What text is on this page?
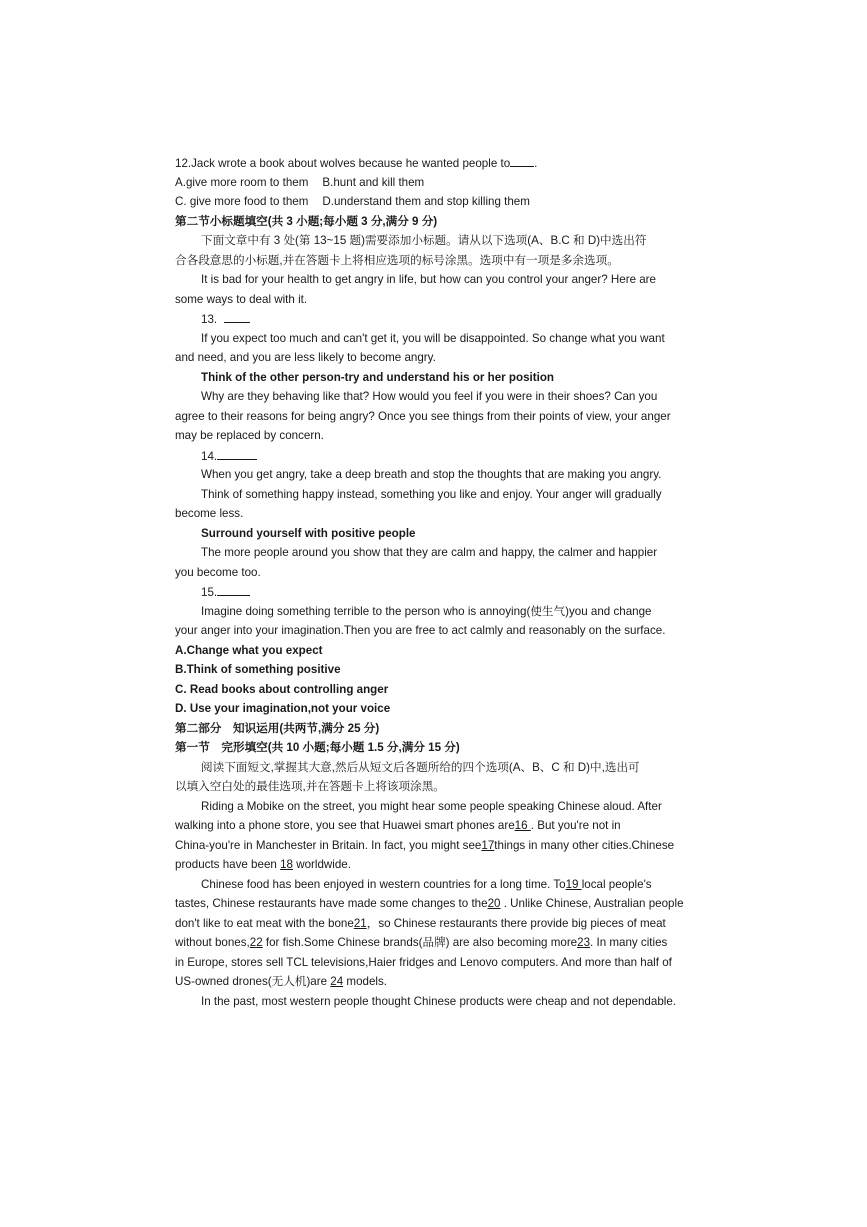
12.Jack wrote a book about wolves because he wanted people to .
A.give more room to them B.hunt and kill them
C. give more food to them D.understand them and stop killing them
第二节小标题填空(共 3 小题;每小题 3 分,满分 9 分)
下面文章中有 3 处(第 13~15 题)需要添加小标题。请从以下选项(A、B.C 和 D)中选出符
合各段意思的小标题,并在答题卡上将相应选项的标号涂黑。选项中有一项是多余选项。
It is bad for your health to get angry in life, but how can you control your anger? Here are
some ways to deal with it.
13.
If you expect too much and can't get it, you will be disappointed. So change what you want
and need, and you are less likely to become angry.
Think of the other person-try and understand his or her position
Why are they behaving like that? How would you feel if you were in their shoes? Can you
agree to their reasons for being angry? Once you see things from their points of view, your anger
may be replaced by concern.
14.
When you get angry, take a deep breath and stop the thoughts that are making you angry.
Think of something happy instead, something you like and enjoy. Your anger will gradually
become less.
Surround yourself with positive people
The more people around you show that they are calm and happy, the calmer and happier
you become too.
15.
Imagine doing something terrible to the person who is annoying(使生气)you and change
your anger into your imagination.Then you are free to act calmly and reasonably on the surface.
A.Change what you expect
B.Think of something positive
C. Read books about controlling anger
D. Use your imagination,not your voice
第二部分　知识运用(共两节,满分 25 分)
第一节　完形填空(共 10 小题;每小题 1.5 分,满分 15 分)
阅读下面短文,掌握其大意,然后从短文后各题所给的四个选项(A、B、C 和 D)中,选出可
以填入空白处的最佳选项,并在答题卡上将该项涂黑。
Riding a Mobike on the street, you might hear some people speaking Chinese aloud. After
walking into a phone store, you see that Huawei smart phones are16 . But you're not in
China-you're in Manchester in Britain. In fact, you might see17things in many other cities.Chinese
products have been 18 worldwide.
Chinese food has been enjoyed in western countries for a long time. To19 local people's
tastes, Chinese restaurants have made some changes to the20 . Unlike Chinese, Australian people
don't like to eat meat with the bone21，so Chinese restaurants there provide big pieces of meat
without bones,22 for fish.Some Chinese brands(品牌) are also becoming more23. In many cities
in Europe, stores sell TCL televisions,Haier fridges and Lenovo computers. And more than half of
US-owned drones(无人机)are 24 models.
In the past, most western people thought Chinese products were cheap and not dependable.
